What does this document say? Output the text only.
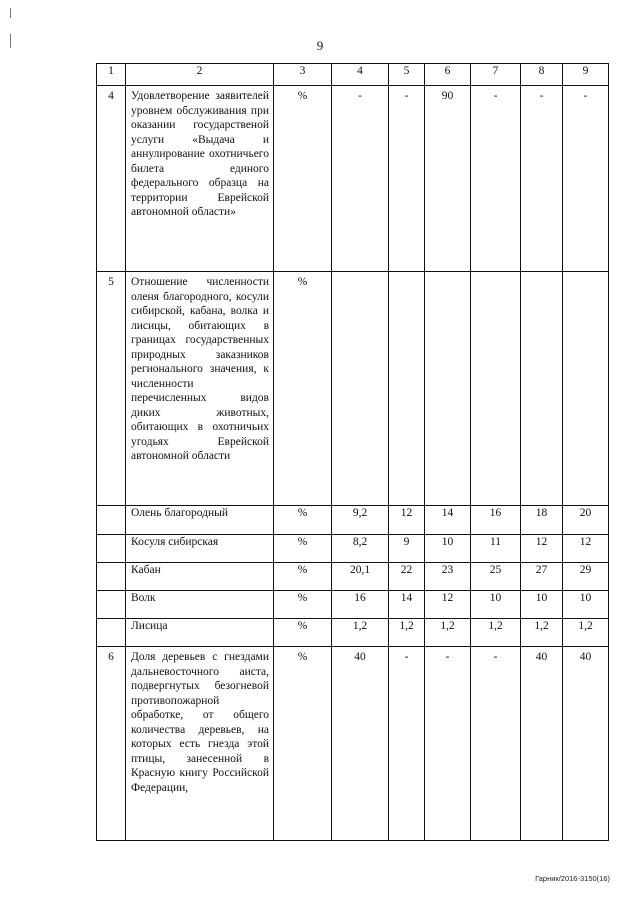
9
1	2	3	4	5	6	7	8	9
4	Удовлетворение заявителей уровнем обслуживания при оказании государственой услуги «Выдача и аннулирование охотничьего билета единого федерального образца на территории Еврейской автономной области»	%	-	-	90	-	-	-
5	Отношение численности оленя благородного, косули сибирской, кабана, волка и лисицы, обитающих в границах государственных природных заказников регионального значения, к численности перечисленных видов диких животных, обитающих в охотничьих угодьях Еврейской автономной области	%						
	Олень благородный	%	9,2	12	14	16	18	20
	Косуля сибирская	%	8,2	9	10	11	12	12
	Кабан	%	20,1	22	23	25	27	29
	Волк	%	16	14	12	10	10	10
	Лисица	%	1,2	1,2	1,2	1,2	1,2	1,2
6	Доля деревьев с гнездами дальневосточного аиста, подвергнутых безогневой противопожарной обработке, от общего количества деревьев, на которых есть гнезда этой птицы, занесенной в Красную книгу Российской Федерации,	%	40	-	-	-	40	40
Гарник/2016-3150(16)
